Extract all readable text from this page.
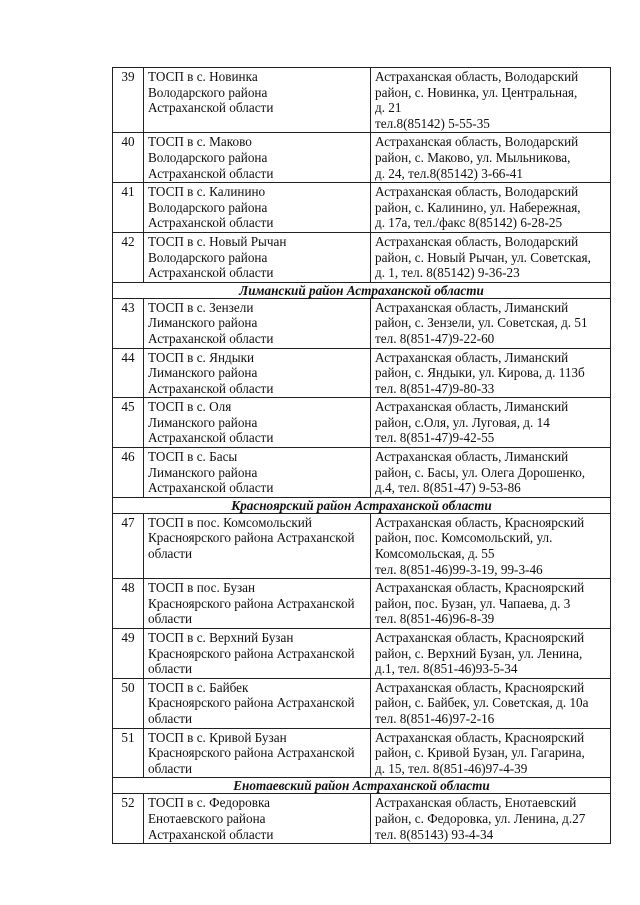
39	ТОСП в с. Новинка
Володарского района
Астраханской области	Астраханская область, Володарский
район, с. Новинка, ул. Центральная,
д. 21
тел.8(85142) 5-55-35

40	ТОСП в с. Маково
Володарского района
Астраханской области	Астраханская область, Володарский
район, с. Маково, ул. Мыльникова,
д. 24, тел.8(85142) 3-66-41

41	ТОСП в с. Калинино
Володарского района
Астраханской области	Астраханская область, Володарский
район, с. Калинино, ул. Набережная,
д. 17а, тел./факс 8(85142) 6-28-25

42	ТОСП в с. Новый Рычан
Володарского района
Астраханской области	Астраханская область, Володарский
район, с. Новый Рычан, ул. Советская,
д. 1, тел. 8(85142) 9-36-23

Лиманский район Астраханской области		
43	ТОСП в с. Зензели
Лиманского района
Астраханской области	Астраханская область, Лиманский
район, с. Зензели, ул. Советская, д. 51
тел. 8(851-47)9-22-60

44	ТОСП в с. Яндыки
Лиманского района
Астраханской области	Астраханская область, Лиманский
район, с. Яндыки, ул. Кирова, д. 113б
тел. 8(851-47)9-80-33

45	ТОСП в с. Оля
Лиманского района
Астраханской области	Астраханская область, Лиманский
район, с.Оля, ул. Луговая, д. 14
тел. 8(851-47)9-42-55

46	ТОСП в с. Басы
Лиманского района
Астраханской области	Астраханская область, Лиманский
район, с. Басы, ул. Олега Дорошенко,
д.4, тел. 8(851-47) 9-53-86

Красноярский район Астраханской области		
47	ТОСП в пос. Комсомольский
Красноярского района Астраханской
области	Астраханская область, Красноярский
район, пос. Комсомольский, ул.
Комсомольская, д. 55
тел. 8(851-46)99-3-19, 99-3-46

48	ТОСП в пос. Бузан
Красноярского района Астраханской
области	Астраханская область, Красноярский
район, пос. Бузан, ул. Чапаева, д. 3
тел. 8(851-46)96-8-39

49	ТОСП в с. Верхний Бузан
Красноярского района Астраханской
области	Астраханская область, Красноярский
район, с. Верхний Бузан, ул. Ленина,
д.1, тел. 8(851-46)93-5-34

50	ТОСП в с. Байбек
Красноярского района Астраханской
области	Астраханская область, Красноярский
район, с. Байбек, ул. Советская, д. 10а
тел. 8(851-46)97-2-16

51	ТОСП в с. Кривой Бузан
Красноярского района Астраханской
области	Астраханская область, Красноярский
район, с. Кривой Бузан, ул. Гагарина,
д. 15, тел. 8(851-46)97-4-39

Енотаевский район Астраханской области		
52	ТОСП в с. Федоровка
Енотаевского района
Астраханской области	Астраханская область, Енотаевский
район, с. Федоровка, ул. Ленина, д.27
тел. 8(85143) 93-4-34
